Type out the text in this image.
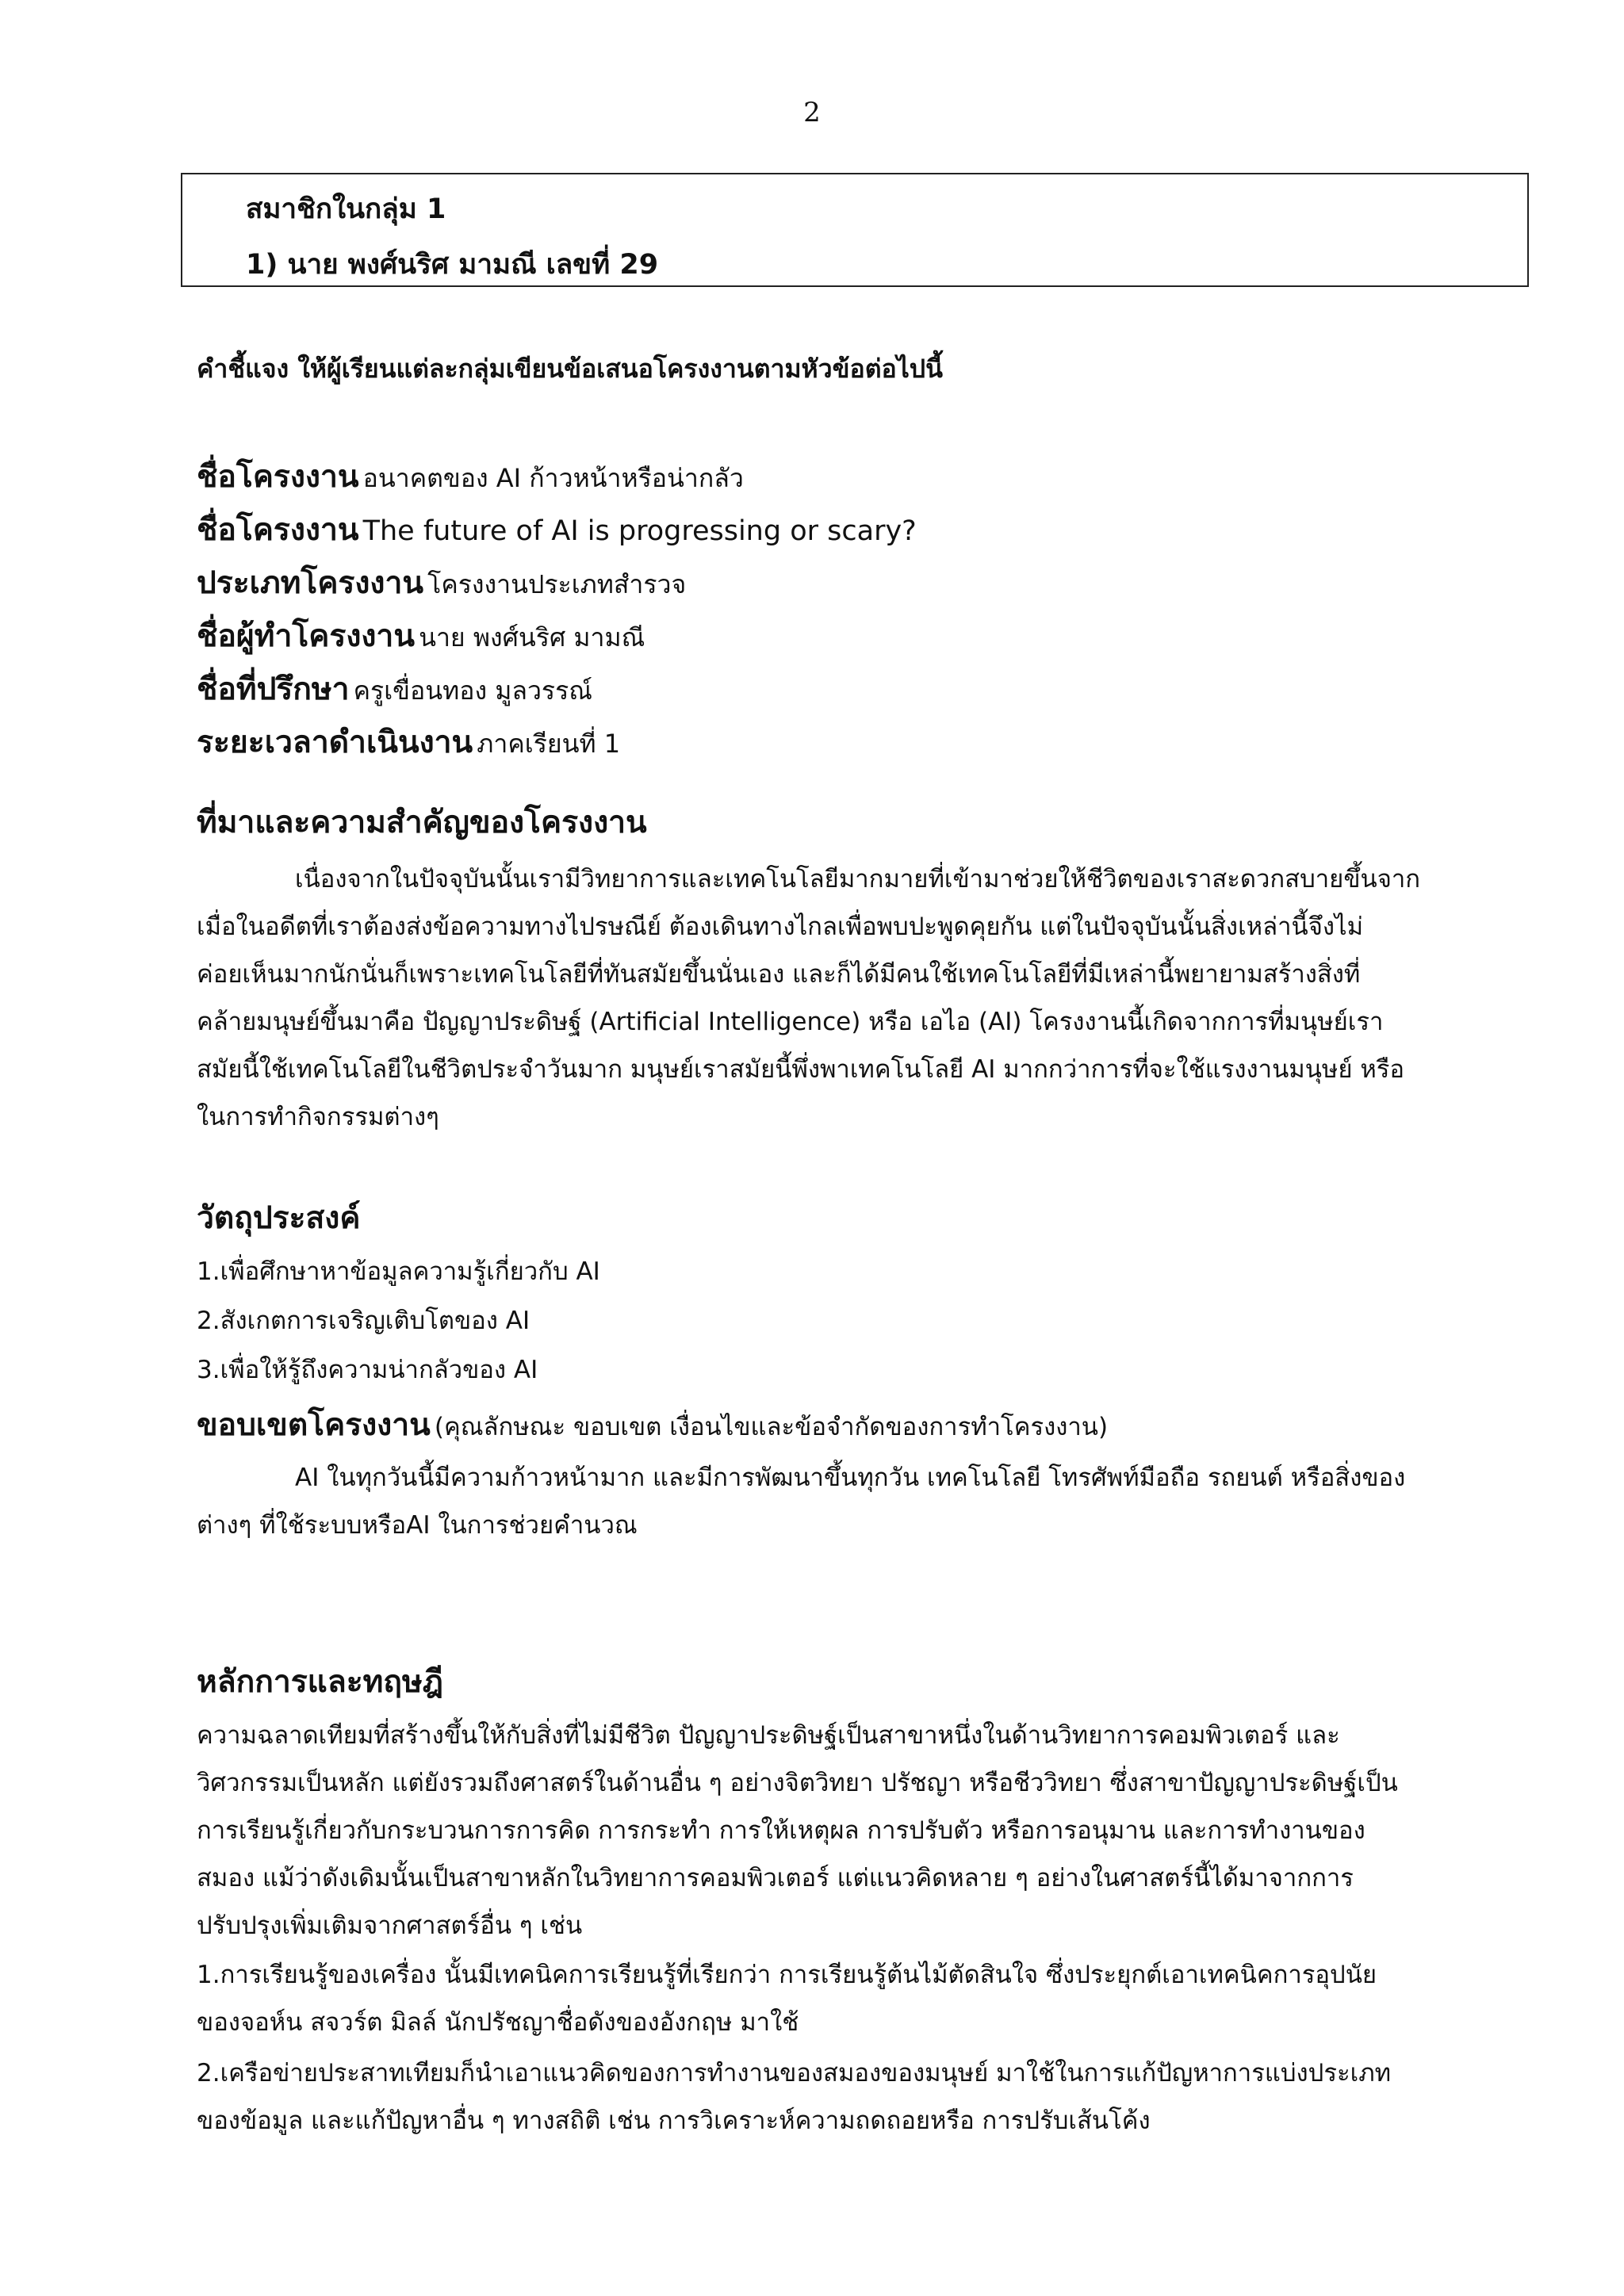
2
สมาชิกในกลุ่ม 1
1) นาย พงศ์นริศ มามณี เลขที่ 29
คำชี้แจง ให้ผู้เรียนแต่ละกลุ่มเขียนข้อเสนอโครงงานตามหัวข้อต่อไปนี้
ชื่อโครงงาน อนาคตของ AI ก้าวหน้าหรือน่ากลัว
ชื่อโครงงาน The future of AI is progressing or scary?
ประเภทโครงงาน โครงงานประเภทสำรวจ
ชื่อผู้ทำโครงงาน นาย พงศ์นริศ มามณี
ชื่อที่ปรึกษา ครูเขื่อนทอง มูลวรรณ์
ระยะเวลาดำเนินงาน ภาคเรียนที่ 1
ที่มาและความสำคัญของโครงงาน
เนื่องจากในปัจจุบันนั้นเรามีวิทยาการและเทคโนโลยีมากมายที่เข้ามาช่วยให้ชีวิตของเราสะดวกสบายขึ้นจาก
เมื่อในอดีตที่เราต้องส่งข้อความทางไปรษณีย์ ต้องเดินทางไกลเพื่อพบปะพูดคุยกัน แต่ในปัจจุบันนั้นสิ่งเหล่านี้จึงไม่
ค่อยเห็นมากนักนั่นก็เพราะเทคโนโลยีที่ทันสมัยขึ้นนั่นเอง และก็ได้มีคนใช้เทคโนโลยีที่มีเหล่านี้พยายามสร้างสิ่งที่
คล้ายมนุษย์ขึ้นมาคือ ปัญญาประดิษฐ์ (Artificial Intelligence) หรือ เอไอ (AI) โครงงานนี้เกิดจากการที่มนุษย์เรา
สมัยนี้ใช้เทคโนโลยีในชีวิตประจำวันมาก มนุษย์เราสมัยนี้พึ่งพาเทคโนโลยี AI มากกว่าการที่จะใช้แรงงานมนุษย์ หรือ
ในการทำกิจกรรมต่างๆ
วัตถุประสงค์
1.เพื่อศึกษาหาข้อมูลความรู้เกี่ยวกับ AI
2.สังเกตการเจริญเติบโตของ AI
3.เพื่อให้รู้ถึงความน่ากลัวของ AI
ขอบเขตโครงงาน (คุณลักษณะ ขอบเขต เงื่อนไขและข้อจำกัดของการทำโครงงาน)
AI ในทุกวันนี้มีความก้าวหน้ามาก และมีการพัฒนาขึ้นทุกวัน เทคโนโลยี โทรศัพท์มือถือ รถยนต์ หรือสิ่งของ
ต่างๆ ที่ใช้ระบบหรือAI ในการช่วยคำนวณ
หลักการและทฤษฎี
ความฉลาดเทียมที่สร้างขึ้นให้กับสิ่งที่ไม่มีชีวิต ปัญญาประดิษฐ์เป็นสาขาหนึ่งในด้านวิทยาการคอมพิวเตอร์ และ
วิศวกรรมเป็นหลัก แต่ยังรวมถึงศาสตร์ในด้านอื่น ๆ อย่างจิตวิทยา ปรัชญา หรือชีววิทยา ซึ่งสาขาปัญญาประดิษฐ์เป็น
การเรียนรู้เกี่ยวกับกระบวนการการคิด การกระทำ การให้เหตุผล การปรับตัว หรือการอนุมาน และการทำงานของ
สมอง แม้ว่าดังเดิมนั้นเป็นสาขาหลักในวิทยาการคอมพิวเตอร์ แต่แนวคิดหลาย ๆ อย่างในศาสตร์นี้ได้มาจากการ
ปรับปรุงเพิ่มเติมจากศาสตร์อื่น ๆ เช่น
1.การเรียนรู้ของเครื่อง นั้นมีเทคนิคการเรียนรู้ที่เรียกว่า การเรียนรู้ต้นไม้ตัดสินใจ ซึ่งประยุกต์เอาเทคนิคการอุปนัย
ของจอห์น สจวร์ต มิลล์ นักปรัชญาชื่อดังของอังกฤษ มาใช้
2.เครือข่ายประสาทเทียมก็นำเอาแนวคิดของการทำงานของสมองของมนุษย์ มาใช้ในการแก้ปัญหาการแบ่งประเภท
ของข้อมูล และแก้ปัญหาอื่น ๆ ทางสถิติ เช่น การวิเคราะห์ความถดถอยหรือ การปรับเส้นโค้ง
